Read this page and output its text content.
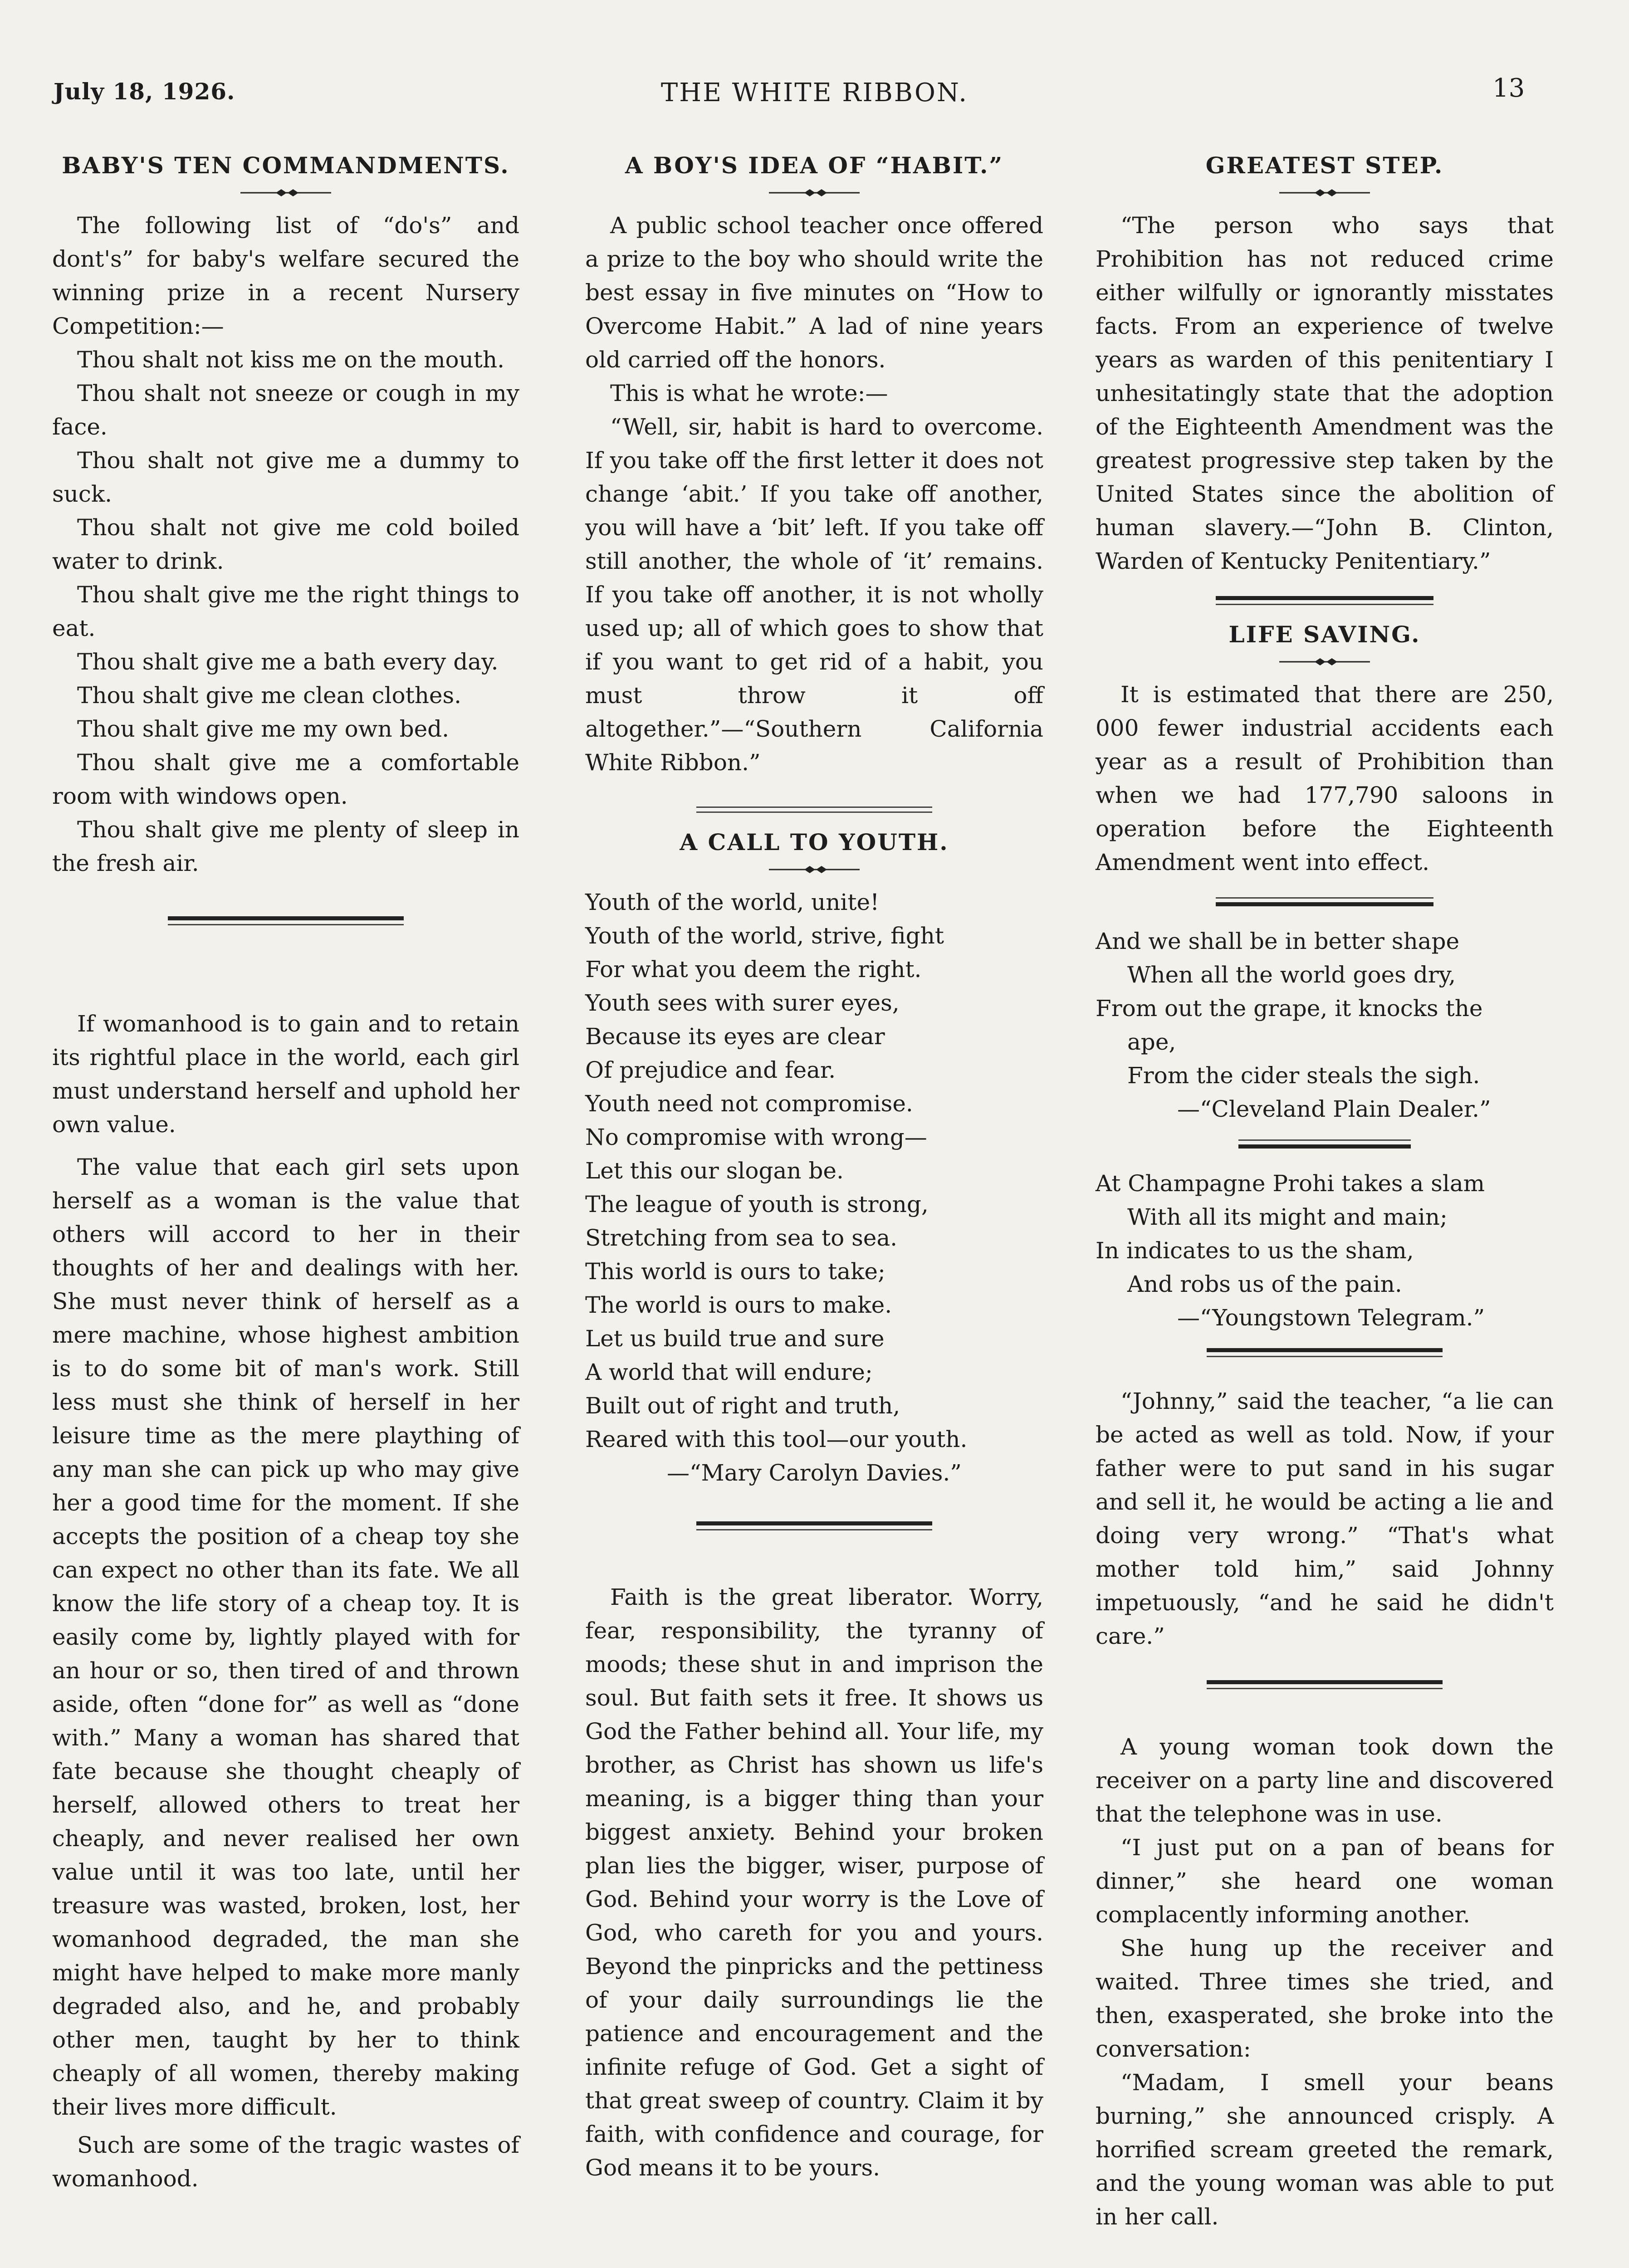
July 18, 1926.	THE WHITE RIBBON.	13
BABY'S TEN COMMANDMENTS.

The following list of “do's” and dont's” for baby's welfare secured the winning prize in a recent Nursery Competition:—

Thou shalt not kiss me on the mouth.

Thou shalt not sneeze or cough in my face.

Thou shalt not give me a dummy to suck.

Thou shalt not give me cold boiled water to drink.

Thou shalt give me the right things to eat.

Thou shalt give me a bath every day.

Thou shalt give me clean clothes.

Thou shalt give me my own bed.

Thou shalt give me a comfortable room with windows open.

Thou shalt give me plenty of sleep in the fresh air.

If womanhood is to gain and to retain its rightful place in the world, each girl must understand herself and uphold her own value.

The value that each girl sets upon herself as a woman is the value that others will accord to her in their thoughts of her and dealings with her. She must never think of herself as a mere machine, whose highest ambition is to do some bit of man's work. Still less must she think of herself in her leisure time as the mere plaything of any man she can pick up who may give her a good time for the moment. If she accepts the position of a cheap toy she can expect no other than its fate. We all know the life story of a cheap toy. It is easily come by, lightly played with for an hour or so, then tired of and thrown aside, often “done for” as well as “done with.” Many a woman has shared that fate because she thought cheaply of herself, allowed others to treat her cheaply, and never realised her own value until it was too late, until her treasure was wasted, broken, lost, her womanhood degraded, the man she might have helped to make more manly degraded also, and he, and probably other men, taught by her to think cheaply of all women, thereby making their lives more difficult.

Such are some of the tragic wastes of womanhood.

A BOY'S IDEA OF “HABIT.”

A public school teacher once offered a prize to the boy who should write the best essay in five minutes on “How to Overcome Habit.” A lad of nine years old carried off the honors.

This is what he wrote:—

“Well, sir, habit is hard to overcome. If you take off the first letter it does not change ‘abit.’ If you take off another, you will have a ‘bit’ left. If you take off still another, the whole of ‘it’ remains. If you take off another, it is not wholly used up; all of which goes to show that if you want to get rid of a habit, you must throw it off altogether.”—“Southern California White Ribbon.”

A CALL TO YOUTH.
Youth of the world, unite!
Youth of the world, strive, fight
For what you deem the right.
Youth sees with surer eyes,
Because its eyes are clear
Of prejudice and fear.
Youth need not compromise.
No compromise with wrong—
Let this our slogan be.
The league of youth is strong,
Stretching from sea to sea.
This world is ours to take;
The world is ours to make.
Let us build true and sure
A world that will endure;
Built out of right and truth,
Reared with this tool—our youth.
—“Mary Carolyn Davies.”

Faith is the great liberator. Worry, fear, responsibility, the tyranny of moods; these shut in and imprison the soul. But faith sets it free. It shows us God the Father behind all. Your life, my brother, as Christ has shown us life's meaning, is a bigger thing than your biggest anxiety. Behind your broken plan lies the bigger, wiser, purpose of God. Behind your worry is the Love of God, who careth for you and yours. Beyond the pinpricks and the pettiness of your daily surroundings lie the patience and encouragement and the infinite refuge of God. Get a sight of that great sweep of country. Claim it by faith, with confidence and courage, for God means it to be yours.

GREATEST STEP.

“The person who says that Prohibition has not reduced crime either wilfully or ignorantly misstates facts. From an experience of twelve years as warden of this penitentiary I unhesitatingly state that the adoption of the Eighteenth Amendment was the greatest progressive step taken by the United States since the abolition of human slavery.—“John B. Clinton, Warden of Kentucky Penitentiary.”

LIFE SAVING.

It is estimated that there are 250, 000 fewer industrial accidents each year as a result of Prohibition than when we had 177,790 saloons in operation before the Eighteenth Amendment went into effect.

And we shall be in better shape
When all the world goes dry,
From out the grape, it knocks the
ape,
From the cider steals the sigh.
—“Cleveland Plain Dealer.”
At Champagne Prohi takes a slam
With all its might and main;
In indicates to us the sham,
And robs us of the pain.
—“Youngstown Telegram.”

“Johnny,” said the teacher, “a lie can be acted as well as told. Now, if your father were to put sand in his sugar and sell it, he would be acting a lie and doing very wrong.” “That's what mother told him,” said Johnny impetuously, “and he said he didn't care.”

A young woman took down the receiver on a party line and discovered that the telephone was in use.

“I just put on a pan of beans for dinner,” she heard one woman complacently informing another.

She hung up the receiver and waited. Three times she tried, and then, exasperated, she broke into the conversation:

“Madam, I smell your beans burning,” she announced crisply. A horrified scream greeted the remark, and the young woman was able to put in her call.
